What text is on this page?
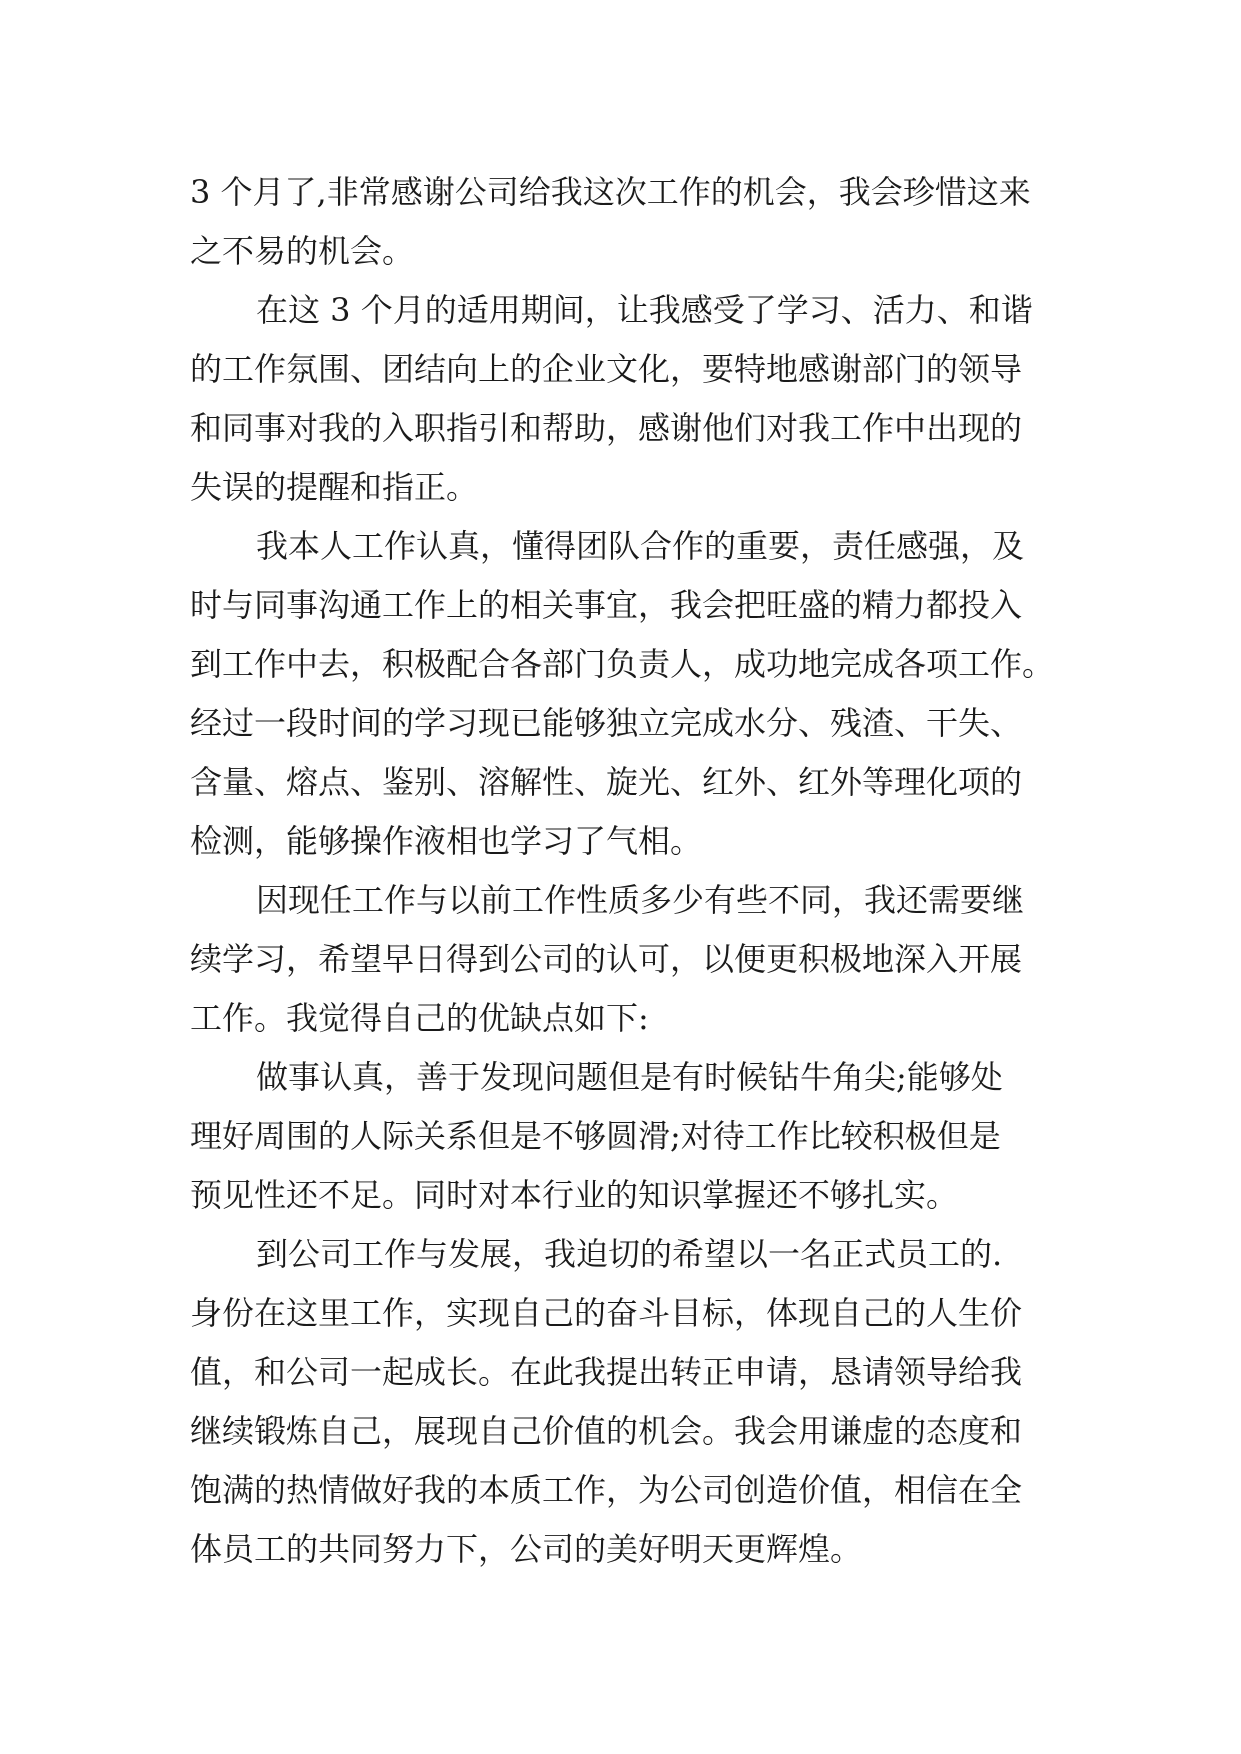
3 个月了,非常感谢公司给我这次工作的机会，我会珍惜这来
之不易的机会。
在这 3 个月的适用期间，让我感受了学习、活力、和谐
的工作氛围、团结向上的企业文化，要特地感谢部门的领导
和同事对我的入职指引和帮助，感谢他们对我工作中出现的
失误的提醒和指正。
我本人工作认真，懂得团队合作的重要，责任感强，及
时与同事沟通工作上的相关事宜，我会把旺盛的精力都投入
到工作中去，积极配合各部门负责人，成功地完成各项工作。
经过一段时间的学习现已能够独立完成水分、残渣、干失、
含量、熔点、鉴别、溶解性、旋光、红外、红外等理化项的
检测，能够操作液相也学习了气相。
因现任工作与以前工作性质多少有些不同，我还需要继
续学习，希望早日得到公司的认可，以便更积极地深入开展
工作。我觉得自己的优缺点如下:
做事认真，善于发现问题但是有时候钻牛角尖;能够处
理好周围的人际关系但是不够圆滑;对待工作比较积极但是
预见性还不足。同时对本行业的知识掌握还不够扎实。
到公司工作与发展，我迫切的希望以一名正式员工的.
身份在这里工作，实现自己的奋斗目标，体现自己的人生价
值，和公司一起成长。在此我提出转正申请，恳请领导给我
继续锻炼自己，展现自己价值的机会。我会用谦虚的态度和
饱满的热情做好我的本质工作，为公司创造价值，相信在全
体员工的共同努力下，公司的美好明天更辉煌。
